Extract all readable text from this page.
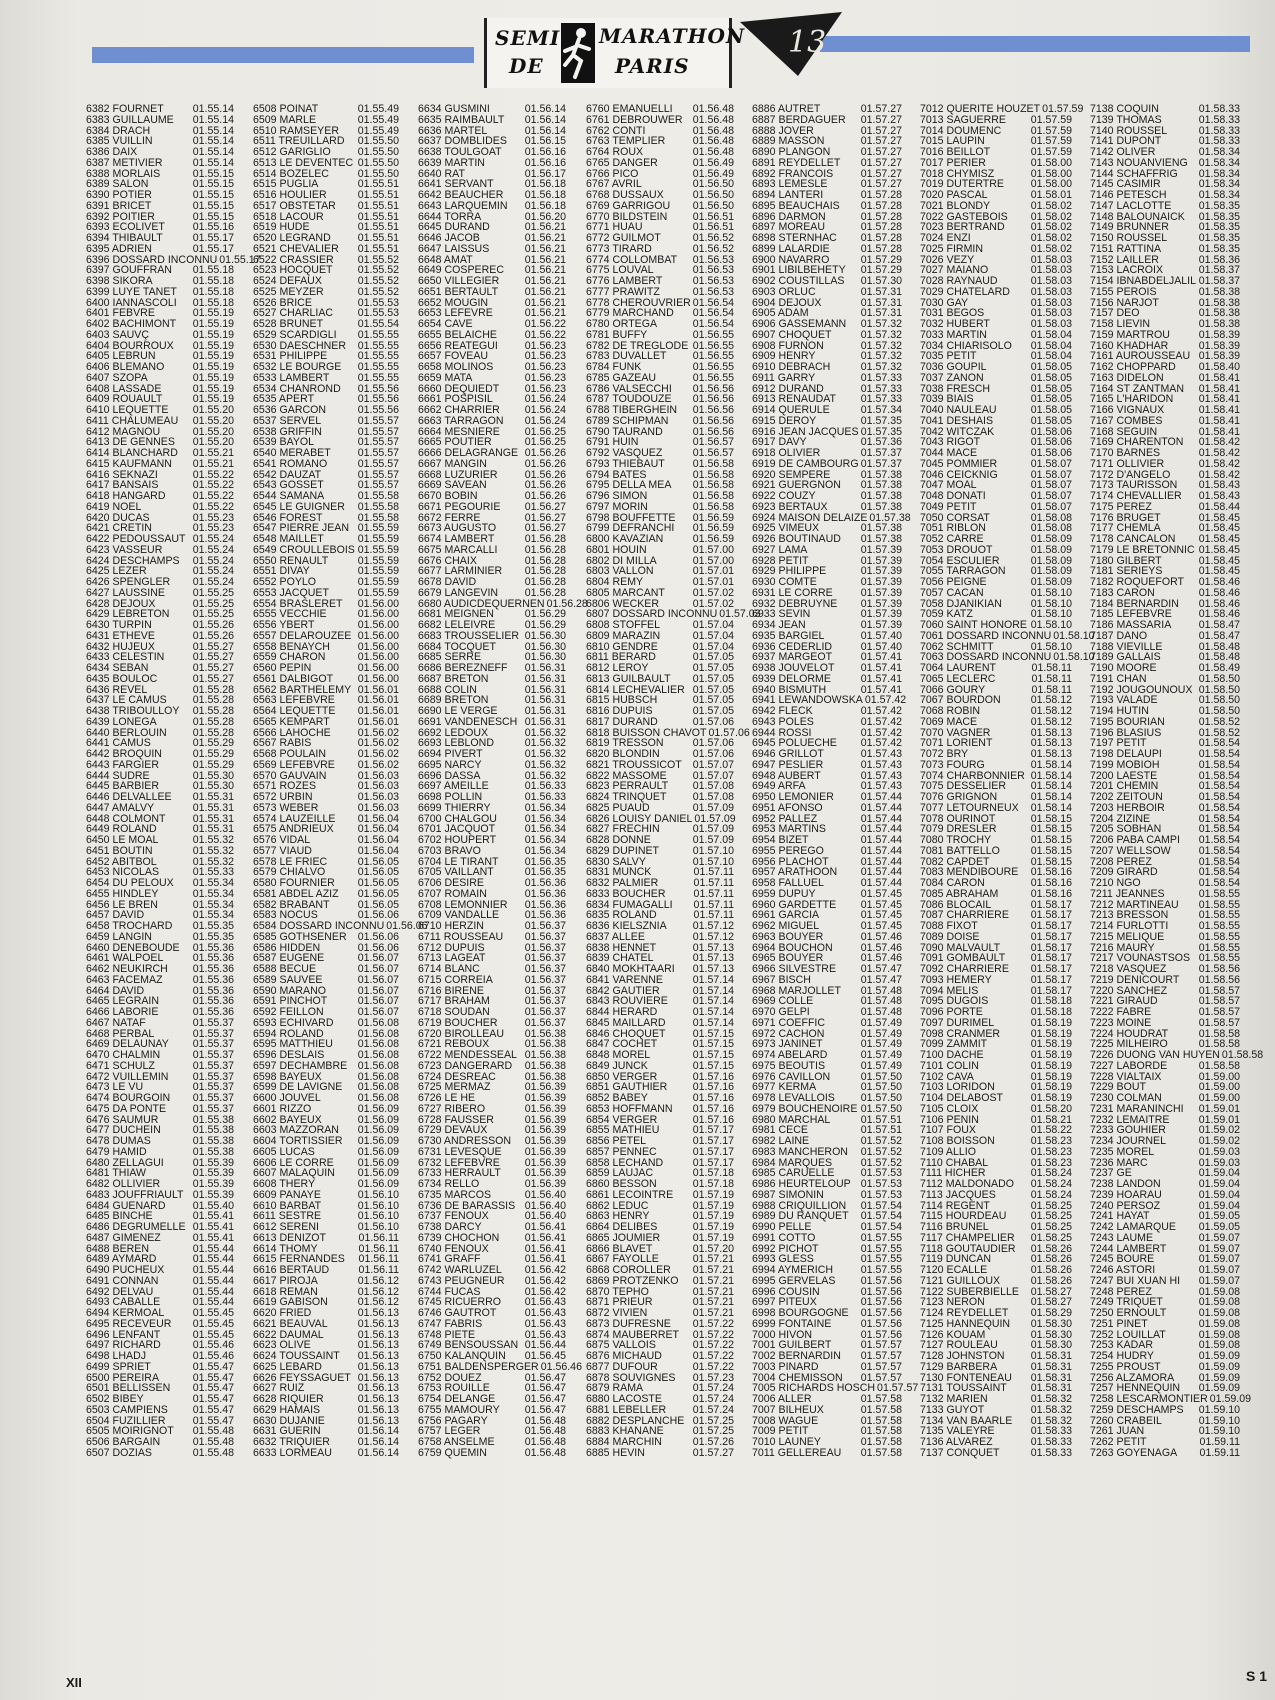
SEMI
DE
MARATHON
PARIS
13
6382 FOURNET	01.55.14
6383 GUILLAUME 01.55.14
6384 DRACH	01.55.14
6385 VUILLIN	01.55.14
6386 DAIX	01.55.14
6387 METIVIER	01.55.14
6388 MORLAIS	01.55.15
6389 SALON	01.55.15
6390 POTIER	01.55.15
6391 BRICET	01.55.15
6392 POITIER	01.55.15
6393 ECOLIVET	01.55.16
6394 THIBAULT	01.55.17
6395 ADRIEN	01.55.17
6396 DOSSARD INCONNU 01.55.17
6397 GOUFFRAN 01.55.18
6398 SIKORA	01.55.18
6399 LUYE TANET 01.55.18
6400 IANNASCOLI 01.55.18
6401 FEBVRE	01.55.19
6402 BACHIMONT 01.55.19
6403 SAUVÇ	01.55.19
6404 BOURROUX 01.55.19
6405 LEBRUN	01.55.19
6406 BLEMANO	01.55.19
6407 SZOPA	01.55.19
6408 LASSADE	01.55.19
6409 ROUAULT	01.55.19
6410 LEQUETTE 01.55.20
6411 CHALUMEAU 01.55.20
6412 MAGNOU	01.55.20
6413 DE GENNES 01.55.20
6414 BLANCHARD 01.55.21
6415 KAUFMANN 01.55.21
6416 SEKNAZI	01.55.22
6417 BANSAIS	01.55.22
6418 HANGARD	01.55.22
6419 NOEL	01.55.22
6420 DUCAS	01.55.23
6421 CRETIN	01.55.23
6422 PEDOUSSAUT 01.55.24
6423 VASSEUR	01.55.24
6424 DESCHAMPS 01.55.24
6425 LEZER	01.55.24
6426 SPENGLER 01.55.24
6427 LAUSSINE	01.55.25
6428 DEJOUX	01.55.25
6429 LEBRETON 01.55.25
6430 TURPIN	01.55.26
6431 ETHEVE	01.55.26
6432 HUJEUX	01.55.27
6433 CELESTIN	01.55.27
6434 SEBAN	01.55.27
6435 BOULOC	01.55.27
6436 REVEL	01.55.28
6437 LE CAMUS 01.55.28
6438 TRIBOULLOY 01.55.28
6439 LONEGA	01.55.28
6440 BERLOUIN 01.55.28
6441 CAMUS	01.55.29
6442 BROQUIN	01.55.29
6443 FARGIER	01.55.29
6444 SUDRE	01.55.30
6445 BARBIER	01.55.30
6446 DELVALLEE 01.55.31
6447 AMALVY	01.55.31
6448 COLMONT	01.55.31
6449 ROLAND	01.55.31
6450 LE MOAL	01.55.32
6451 BOUTIN	01.55.32
6452 ABITBOL	01.55.32
6453 NICOLAS	01.55.33
6454 DU PELOUX 01.55.34
6455 HINDLEY	01.55.34
6456 LE BREN	01.55.34
6457 DAVID	01.55.34
6458 TROCHARD 01.55.35
6459 LANGIN	01.55.35
6460 DENEBOUDE 01.55.36
6461 WALPOEL	01.55.36
6462 NEUKIRCH 01.55.36
6463 FACEMAZ	01.55.36
6464 DAVID	01.55.36
6465 LEGRAIN	01.55.36
6466 LABORIE	01.55.36
6467 NATAF	01.55.37
6468 PERBAL	01.55.37
6469 DELAUNAY 01.55.37
6470 CHALMIN	01.55.37
6471 SCHULZ	01.55.37
6472 VUILLEMIN 01.55.37
6473 LE VU	01.55.37
6474 BOURGOIN 01.55.37
6475 DA PONTE	01.55.37
6476 SAUMUR	01.55.38
6477 DUCHEIN	01.55.38
6478 DUMAS	01.55.38
6479 HAMID	01.55.38
6480 ZELLAGUI	01.55.39
6481 THIAW	01.55.39
6482 OLLIVIER	01.55.39
6483 JOUFFRIAULT 01.55.39
6484 GUENARD	01.55.40
6485 BINCHE	01.55.41
6486 DEGRUMELLE 01.55.41
6487 GIMENEZ	01.55.41
6488 BEREN	01.55.44
6489 AYMARD	01.55.44
6490 PUCHEUX	01.55.44
6491 CONNAN	01.55.44
6492 DELVAU	01.55.44
6493 CABALLE	01.55.44
6494 KERMOAL	01.55.45
6495 RECEVEUR 01.55.45
6496 LENFANT	01.55.45
6497 RICHARD	01.55.46
6498 LHADJ	01.55.46
6499 SPRIET	01.55.47
6500 PEREIRA	01.55.47
6501 BELLISSEN 01.55.47
6502 BIBEY	01.55.47
6503 CAMPIENS 01.55.47
6504 FUZILLIER	01.55.47
6505 MOIRIGNOT 01.55.48
6506 BARGAIN	01.55.48
6507 DOZIAS	01.55.48
6508 POINAT	01.55.49
6509 MARLE	01.55.49
6510 RAMSEYER 01.55.49
6511 TREUILLARD 01.55.50
6512 GARIGLIO	01.55.50
6513 LE DEVENTEC 01.55.50
6514 BOZELEC	01.55.50
6515 PUGLIA	01.55.51
6516 HOULIER	01.55.51
6517 OBSTETAR 01.55.51
6518 LACOUR	01.55.51
6519 HUDE	01.55.51
6520 LEGRAND	01.55.51
6521 CHEVALIER 01.55.51
6522 CRASSIER 01.55.52
6523 HOCQUET 01.55.52
6524 DEFAUX	01.55.52
6525 MEYZER	01.55.52
6526 BRICE	01.55.53
6527 CHARLIAC 01.55.53
6528 BRUNET	01.55.54
6529 SCARDIGLI 01.55.55
6530 DAESCHNER 01.55.55
6531 PHILIPPE	01.55.55
6532 LE BOURGE 01.55.55
6533 LAMBERT	01.55.55
6534 CHANROND 01.55.56
6535 APERT	01.55.56
6536 GARCON	01.55.56
6537 SERVEL	01.55.57
6538 GRIFFIN	01.55.57
6539 BAYOL	01.55.57
6540 MERABET	01.55.57
6541 ROMANO	01.55.57
6542 DAUZAT	01.55.57
6543 GOSSET	01.55.57
6544 SAMANA	01.55.58
6545 LE GUIGNER 01.55.58
6546 FOREST	01.55.58
6547 PIERRE JEAN 01.55.59
6548 MAILLET	01.55.59
6549 CROULLEBOIS 01.55.59
6550 RENAULT	01.55.59
6551 DIVAY	01.55.59
6552 POYLO	01.55.59
6553 JACQUET	01.55.59
6554 BRASLERET 01.56.00
6555 VECCHIE	01.56.00
6556 YBERT	01.56.00
6557 DELAROUZEE 01.56.00
6558 BENAYCH	01.56.00
6559 CHARON	01.56.00
6560 PEPIN	01.56.00
6561 DALBIGOT 01.56.00
6562 BARTHELEMY 01.56.01
6563 LEFEBVRE 01.56.01
6564 LEQUETTE 01.56.01
6565 KEMPART	01.56.01
6566 LAHOCHE	01.56.02
6567 RABIS	01.56.02
6568 POULAIN	01.56.02
6569 LEFEBVRE 01.56.02
6570 GAUVAIN	01.56.03
6571 ROZES	01.56.03
6572 URBIN	01.56.03
6573 WEBER	01.56.03
6574 LAUZEILLE 01.56.04
6575 ANDRIEUX 01.56.04
6576 VIDAL	01.56.04
6577 VIAUD	01.56.04
6578 LE FRIEC	01.56.05
6579 CHIALVO	01.56.05
6580 FOURNIER 01.56.05
6581 ABDEL AZIZ 01.56.05
6582 BRABANT	01.56.05
6583 NOCUS	01.56.06
6584 DOSSARD INCONNU 01.56.06
6585 GOTHSENER 01.56.06
6586 HIDDEN	01.56.06
6587 EUGENE	01.56.07
6588 BECUE	01.56.07
6589 SAUVEE	01.56.07
6590 MARANO	01.56.07
6591 PINCHOT	01.56.07
6592 FEILLON	01.56.07
6593 ECHIVARD 01.56.08
6594 ROLAND	01.56.08
6595 MATTHIEU 01.56.08
6596 DESLAIS	01.56.08
6597 DECHAMBRE 01.56.08
6598 BAYEUX	01.56.08
6599 DE LAVIGNE 01.56.08
6600 JOUVEL	01.56.08
6601 RIZZO	01.56.09
6602 BAYEUX	01.56.09
6603 MAZZORAN 01.56.09
6604 TORTISSIER 01.56.09
6605 LUCAS	01.56.09
6606 LE CORRE 01.56.09
6607 MALAQUIN 01.56.09
6608 THERY	01.56.09
6609 PANAYE	01.56.10
6610 BARBAT	01.56.10
6611 SESTRE	01.56.10
6612 SERENI	01.56.10
6613 DENIZOT	01.56.11
6614 THOMY	01.56.11
6615 FERNANDES 01.56.11
6616 BERTAUD	01.56.11
6617 PIROJA	01.56.12
6618 REMAN	01.56.12
6619 GABISON	01.56.12
6620 FRIED	01.56.13
6621 BEAUVAL	01.56.13
6622 DAUMAL	01.56.13
6623 OLIVE	01.56.13
6624 TOUSSAINT 01.56.13
6625 LEBARD	01.56.13
6626 FEYSSAGUET 01.56.13
6627 RUIZ	01.56.13
6628 RIQUIER	01.56.13
6629 HAMAIS	01.56.13
6630 DUJANIE	01.56.13
6631 GUERIN	01.56.14
6632 TRIQUIER	01.56.14
6633 LORMEAU 01.56.14
6634 GUSMINI	01.56.14
6635 RAIMBAULT 01.56.14
6636 MARTEL	01.56.14
6637 DOMBLIDES 01.56.15
6638 TOULGOAT 01.56.16
6639 MARTIN	01.56.16
6640 RAT	01.56.17
6641 SERVANT	01.56.18
6642 BEAUCHER 01.56.18
6643 LARQUEMIN 01.56.18
6644 TORRA	01.56.20
6645 DURAND	01.56.21
6646 JACOB	01.56.21
6647 LAISSUS	01.56.21
6648 AMAT	01.56.21
6649 COSPEREC 01.56.21
6650 VILLEGIER 01.56.21
6651 BERTAULT	01.56.21
6652 MOUGIN	01.56.21
6653 LEFEVRE	01.56.21
6654 CAVE	01.56.22
6655 BELAICHE	01.56.22
6656 REATEGUI	01.56.23
6657 FOVEAU	01.56.23
6658 MOLINOS	01.56.23
6659 MATA	01.56.23
6660 DEQUIEDT 01.56.23
6661 POSPISIL	01.56.24
6662 CHARRIER 01.56.24
6663 TARRAGON 01.56.24
6664 MESNIERE 01.56.25
6665 POUTIER	01.56.25
6666 DELAGRANGE 01.56.26
6667 MANGIN	01.56.26
6668 LUZURIER	01.56.26
6669 SAVEAN	01.56.26
6670 BOBIN	01.56.26
6671 PEGOURIE 01.56.27
6672 FERRE	01.56.27
6673 AUGUSTO	01.56.27
6674 LAMBERT	01.56.28
6675 MARCALLI	01.56.28
6676 CHAIX	01.56.28
6677 LARMINIER 01.56.28
6678 DAVID	01.56.28
6679 LANGEVIN	01.56.28
6680 AUDICDEQUERNEN 01.56.28
6681 MEIGNEN	01.56.29
6682 LELEIVRE	01.56.29
6683 TROUSSELIER 01.56.30
6684 TOCQUET	01.56.30
6685 SERRE	01.56.30
6686 BEREZNEFF 01.56.31
6687 BRETON	01.56.31
6688 COLIN	01.56.31
6689 BRETON	01.56.31
6690 LE VERGE	01.56.31
6691 VANDENESCH 01.56.31
6692 LEDOUX	01.56.32
6693 LEBLOND	01.56.32
6694 PIVERT	01.56.32
6695 NARCY	01.56.32
6696 DASSA	01.56.32
6697 AMEILLE	01.56.33
6698 POLLIN	01.56.33
6699 THIERRY	01.56.34
6700 CHALGOU	01.56.34
6701 JACQUOT	01.56.34
6702 HOUPERT	01.56.34
6703 BRAVO	01.56.34
6704 LE TIRANT 01.56.35
6705 VAILLANT	01.56.35
6706 DESIRE	01.56.36
6707 ROMAIN	01.56.36
6708 LEMONNIER 01.56.36
6709 VANDALLE 01.56.36
6710 HERZIN	01.56.37
6711 ROUSSEAU 01.56.37
6712 DUPUIS	01.56.37
6713 LAGEAT	01.56.37
6714 BLANC	01.56.37
6715 CORREIA	01.56.37
6716 BIRENE	01.56.37
6717 BRAHAM	01.56.37
6718 SOUDAN	01.56.37
6719 BOUCHER	01.56.37
6720 BIROLLEAU 01.56.38
6721 REBOUX	01.56.38
6722 MENDESSEAL 01.56.38
6723 DANGERARD 01.56.38
6724 DESREAC	01.56.38
6725 MERMAZ	01.56.39
6726 LE HE	01.56.39
6727 RIBERO	01.56.39
6728 FAUSSER	01.56.39
6729 DEVAUX	01.56.39
6730 ANDRESSON 01.56.39
6731 LEVESQUE 01.56.39
6732 LEFEBVRE 01.56.39
6733 HERRAULT 01.56.39
6734 RELLO	01.56.39
6735 MARCOS	01.56.40
6736 DE BARASSIS 01.56.40
6737 FENOUX	01.56.40
6738 DARCY	01.56.41
6739 CHOCHON 01.56.41
6740 FENOUX	01.56.41
6741 GRAFF	01.56.41
6742 WARLUZEL 01.56.42
6743 PEUGNEUR 01.56.42
6744 FUCAS	01.56.42
6745 RICUERRO 01.56.43
6746 GAUTROT	01.56.43
6747 FABRIS	01.56.43
6748 PIETE	01.56.43
6749 BENSOUSSAN 01.56.44
6750 KALANQUIN 01.56.45
6751 BALDENSPERGER 01.56.46
6752 DOUEZ	01.56.47
6753 ROUILLE	01.56.47
6754 DELANGE	01.56.47
6755 MAMOURY 01.56.47
6756 PAGARY	01.56.48
6757 LEGER	01.56.48
6758 ANSELME	01.56.48
6759 QUEMIN	01.56.48
6760 EMANUELLI 01.56.48
6761 DEBROUWER 01.56.48
6762 CONTI	01.56.48
6763 TEMPLIER	01.56.48
6764 ROUX	01.56.48
6765 DANGER	01.56.49
6766 PICO	01.56.49
6767 AVRIL	01.56.50
6768 DUSSAUX	01.56.50
6769 GARRIGOU 01.56.50
6770 BILDSTEIN 01.56.51
6771 HUAU	01.56.51
6772 GUILMOT	01.56.52
6773 TIRARD	01.56.52
6774 COLLOMBAT 01.56.53
6775 LOUVAL	01.56.53
6776 LAMBERT	01.56.53
6777 PRAWITZ	01.56.53
6778 CHEROUVRIER 01.56.54
6779 MARCHAND 01.56.54
6780 ORTEGA	01.56.54
6781 BUFFY	01.56.55
6782 DE TREGLODE 01.56.55
6783 DUVALLET 01.56.55
6784 FUNK	01.56.55
6785 GAZEAU	01.56.55
6786 VALSECCHI 01.56.56
6787 TOUDOUZE 01.56.56
6788 TIBERGHEIN 01.56.56
6789 SCHIPMAN 01.56.56
6790 TAURAND	01.56.56
6791 HUIN	01.56.57
6792 VASQUEZ	01.56.57
6793 THIEBAUT	01.56.58
6794 BATES	01.56.58
6795 DELLA MEA 01.56.58
6796 SIMON	01.56.58
6797 MORIN	01.56.58
6798 BOUFFETTE 01.56.59
6799 DEFRANCHI 01.56.59
6800 KAVAZIAN	01.56.59
6801 HOUIN	01.57.00
6802 DI MILLA	01.57.00
6803 VALLON	01.57.01
6804 REMY	01.57.01
6805 MARCANT	01.57.02
6806 WECKER	01.57.02
6807 DOSSARD INCONNU 01.57.03
6808 STOFFEL	01.57.04
6809 MARAZIN	01.57.04
6810 GENDRE	01.57.04
6811 BERARD	01.57.05
6812 LEROY	01.57.05
6813 GUILBAULT 01.57.05
6814 LECHEVALIER 01.57.05
6815 HUBSCH	01.57.05
6816 DUPUIS	01.57.05
6817 DURAND	01.57.06
6818 BUISSON CHAVOT 01.57.06
6819 TRESSON	01.57.06
6820 BLONDIN	01.57.06
6821 TROUSSICOT 01.57.07
6822 MASSOME 01.57.07
6823 PERRAULT 01.57.08
6824 TRINQUET 01.57.08
6825 PUAUD	01.57.09
6826 LOUISY DANIEL 01.57.09
6827 FRECHIN	01.57.09
6828 DONNE	01.57.09
6829 DUPINET	01.57.10
6830 SALVY	01.57.10
6831 MUNCK	01.57.11
6832 PALMIER	01.57.11
6833 BOUCHER	01.57.11
6834 FUMAGALLI 01.57.11
6835 ROLAND	01.57.11
6836 KIELSZNIA 01.57.12
6837 ALLEE	01.57.12
6838 HENNET	01.57.13
6839 CHATEL	01.57.13
6840 MOKHTAARI 01.57.13
6841 VARENNE	01.57.14
6842 GAUTIER	01.57.14
6843 ROUVIERE 01.57.14
6844 HERARD	01.57.14
6845 MAILLARD	01.57.14
6846 CHOQUET	01.57.15
6847 COCHET	01.57.15
6848 MOREL	01.57.15
6849 JUNCK	01.57.15
6850 VERGER	01.57.16
6851 GAUTHIER 01.57.16
6852 BABEY	01.57.16
6853 HOFFMANN 01.57.16
6854 VERGER	01.57.16
6855 MATHIEU	01.57.17
6856 PETEL	01.57.17
6857 PENNEC	01.57.17
6858 LECHAND	01.57.17
6859 LAUJAC	01.57.18
6860 BESSON	01.57.18
6861 LECOINTRE 01.57.19
6862 LEDUC	01.57.19
6863 HENRY	01.57.19
6864 DELIBES	01.57.19
6865 JOUMIER	01.57.19
6866 BLAVET	01.57.20
6867 FAYOLLE	01.57.21
6868 COROLLER 01.57.21
6869 PROTZENKO 01.57.21
6870 TEPHO	01.57.21
6871 PRIEUR	01.57.21
6872 VIVIEN	01.57.21
6873 DUFRESNE 01.57.22
6874 MAUBERRET 01.57.22
6875 VALLOIS	01.57.22
6876 MICHAUD	01.57.22
6877 DUFOUR	01.57.22
6878 SOUVIGNES 01.57.23
6879 RAMA	01.57.24
6880 LACOSTE	01.57.24
6881 LEBELLER	01.57.24
6882 DESPLANCHE 01.57.25
6883 KHANANE	01.57.25
6884 MARCHIN	01.57.26
6885 HEVIN	01.57.27
6886 AUTRET	01.57.27
6887 BERDAGUER 01.57.27
6888 JOVER	01.57.27
6889 MASSON	01.57.27
6890 PLANGON	01.57.27
6891 REYDELLET 01.57.27
6892 FRANCOIS	01.57.27
6893 LEMESLE	01.57.27
6894 LANTERI	01.57.28
6895 BEAUCHAIS 01.57.28
6896 DARMON	01.57.28
6897 MOREAU	01.57.28
6898 STERNHAC 01.57.28
6899 LALARDIE	01.57.28
6900 NAVARRO	01.57.29
6901 LIBILBEHETY 01.57.29
6902 COUSTILLAS 01.57.30
6903 ORLUC	01.57.31
6904 DEJOUX	01.57.31
6905 ADAM	01.57.31
6906 GASSEMANN 01.57.32
6907 CHOQUET	01.57.32
6908 FURNON	01.57.32
6909 HENRY	01.57.32
6910 DEBRACH	01.57.32
6911 GARRY	01.57.33
6912 DURAND	01.57.33
6913 RENAUDAT 01.57.33
6914 QUERULE	01.57.34
6915 DEROY	01.57.35
6916 JEAN JACQUES 01.57.35
6917 DAVY	01.57.36
6918 OLIVIER	01.57.37
6919 DE CAMBOURG 01.57.37
6920 SEMPERE	01.57.38
6921 GUERGNON 01.57.38
6922 COUZY	01.57.38
6923 BERTAUX	01.57.38
6924 MAISON DELAIZE 01.57.38
6925 VIMEUX	01.57.38
6926 BOUTINAUD 01.57.38
6927 LAMA	01.57.39
6928 PETIT	01.57.39
6929 PHILIPPE	01.57.39
6930 COMTE	01.57.39
6931 LE CORRE	01.57.39
6932 DEBRUYNE 01.57.39
6933 SEVIN	01.57.39
6934 JEAN	01.57.39
6935 BARGIEL	01.57.40
6936 CEDERLID	01.57.40
6937 MARGEOT	01.57.41
6938 JOUVELOT 01.57.41
6939 DELORME	01.57.41
6940 BISMUTH	01.57.41
6941 LEWANDOWSKA 01.57.42
6942 FLECK	01.57.42
6943 POLES	01.57.42
6944 ROSSI	01.57.42
6945 POLUECHE 01.57.42
6946 GRILLOT	01.57.43
6947 PESLIER	01.57.43
6948 AUBERT	01.57.43
6949 ARFA	01.57.43
6950 LEMONIER	01.57.44
6951 AFONSO	01.57.44
6952 PALLEZ	01.57.44
6953 MARTINS	01.57.44
6954 BIZET	01.57.44
6955 PEREGO	01.57.44
6956 PLACHOT	01.57.44
6957 ARATHOON 01.57.44
6958 FALLUEL	01.57.44
6959 DUPUY	01.57.45
6960 GARDETTE 01.57.45
6961 GARCIA	01.57.45
6962 MIGUEL	01.57.45
6963 BOUYER	01.57.46
6964 BOUCHON	01.57.46
6965 BOUYER	01.57.46
6966 SILVESTRE 01.57.47
6967 BISCH	01.57.47
6968 MARJOLLET 01.57.48
6969 COLLE	01.57.48
6970 GELPI	01.57.48
6971 COEFFIC	01.57.49
6972 CACHON	01.57.49
6973 JANINET	01.57.49
6974 ABELARD	01.57.49
6975 BEOUTIS	01.57.49
6976 CAVILLON	01.57.50
6977 KERMA	01.57.50
6978 LEVALLOIS 01.57.50
6979 BOUCHENOIRE 01.57.50
6980 MARCHAL	01.57.51
6981 CECE	01.57.51
6982 LAINE	01.57.52
6983 MANCHERON 01.57.52
6984 MARQUES	01.57.52
6985 CARUELLE 01.57.53
6986 HEURTELOUP 01.57.53
6987 SIMONIN	01.57.53
6988 CRIQUILLION 01.57.54
6989 DU RANQUET 01.57.54
6990 PELLE	01.57.54
6991 COTTO	01.57.55
6992 PICHOT	01.57.55
6993 GLESS	01.57.55
6994 AYMERICH	01.57.55
6995 GERVELAS 01.57.56
6996 COUSIN	01.57.56
6997 PITEUX	01.57.56
6998 BOURGOGNE 01.57.56
6999 FONTAINE	01.57.56
7000 HIVON	01.57.56
7001 GUILBERT	01.57.57
7002 BERNARDIN 01.57.57
7003 PINARD	01.57.57
7004 CHEMISSON 01.57.57
7005 RICHARDS HOSCH 01.57.57
7006 ALLER	01.57.58
7007 BILHEUX	01.57.58
7008 WAGUE	01.57.58
7009 PETIT	01.57.58
7010 LAUNEY	01.57.58
7011 GELLEREAU 01.57.58
7012 QUERITE HOUZET 01.57.59
7013 SAGUERRE 01.57.59
7014 DOUMENC	01.57.59
7015 LAUPIN	01.57.59
7016 BEILLOT	01.57.59
7017 PERIER	01.58.00
7018 CHYMISZ	01.58.00
7019 DUTERTRE	01.58.00
7020 PASCAL	01.58.01
7021 BLONDY	01.58.02
7022 GASTEBOIS 01.58.02
7023 BERTRAND 01.58.02
7024 ENZI	01.58.02
7025 FIRMIN	01.58.02
7026 VEZY	01.58.03
7027 MAIANO	01.58.03
7028 RAYNAUD	01.58.03
7029 CHATELARD 01.58.03
7030 GAY	01.58.03
7031 BEGOS	01.58.03
7032 HUBERT	01.58.03
7033 MARTIN	01.58.04
7034 CHIARISOLO 01.58.04
7035 PETIT	01.58.04
7036 GOUPIL	01.58.05
7037 ZANON	01.58.05
7038 FRESCH	01.58.05
7039 BIAIS	01.58.05
7040 NAULEAU	01.58.05
7041 DESHAIS	01.58.05
7042 WITCZAK	01.58.06
7043 RIGOT	01.58.06
7044 MACE	01.58.06
7045 POMMIER	01.58.07
7046 CEICKNIG	01.58.07
7047 MOAL	01.58.07
7048 DONATI	01.58.07
7049 PETIT	01.58.07
7050 CORSAT	01.58.08
7051 RIBLON	01.58.08
7052 CARRE	01.58.09
7053 DROUOT	01.58.09
7054 ESCULIER	01.58.09
7055 TARRAGON 01.58.09
7056 PEIGNE	01.58.09
7057 CACAN	01.58.10
7058 DJANIKIAN	01.58.10
7059 KATZ	01.58.10
7060 SAINT HONORE 01.58.10
7061 DOSSARD INCONNU 01.58.10
7062 SCHMITT	01.58.10
7063 DOSSARD INCONNU 01.58.10
7064 LAURENT	01.58.11
7065 LECLERC	01.58.11
7066 GOURY	01.58.11
7067 BOURDON	01.58.12
7068 ROBIN	01.58.12
7069 MACE	01.58.12
7070 VAGNER	01.58.13
7071 LORIENT	01.58.13
7072 BRY	01.58.13
7073 FOURG	01.58.14
7074 CHARBONNIER 01.58.14
7075 DESSELIER 01.58.14
7076 GRIGNON	01.58.14
7077 LETOURNEUX 01.58.14
7078 OURINOT	01.58.15
7079 DRESLER	01.58.15
7080 TROCHY	01.58.15
7081 BATTELLO	01.58.15
7082 CAPDET	01.58.15
7083 MENDIBOURE 01.58.16
7084 CARON	01.58.16
7085 ABRAHAM	01.58.16
7086 BLOCAIL	01.58.17
7087 CHARRIERE 01.58.17
7088 FIXOT	01.58.17
7089 DOISE	01.58.17
7090 MALVAULT	01.58.17
7091 GOMBAULT 01.58.17
7092 CHARRIERE 01.58.17
7093 HEMERY	01.58.17
7094 MELIS	01.58.17
7095 DUGOIS	01.58.18
7096 PORTE	01.58.18
7097 DURIMEL	01.58.19
7098 CRANMER	01.58.19
7099 ZAMMIT	01.58.19
7100 DACHE	01.58.19
7101 COLIN	01.58.19
7102 CAVA	01.58.19
7103 LORIDON	01.58.19
7104 DELABOST	01.58.19
7105 CLOIX	01.58.20
7106 PENIN	01.58.21
7107 FOUX	01.58.22
7108 BOISSON	01.58.23
7109 ALLIO	01.58.23
7110 CHABAL	01.58.23
7111 HICHER	01.58.24
7112 MALDONADO 01.58.24
7113 JACQUES	01.58.24
7114 REGENT	01.58.25
7115 HOURDEAU 01.58.25
7116 BRUNEL	01.58.25
7117 CHAMPELIER 01.58.25
7118 GOUTAUDIER 01.58.26
7119 DUNCAN	01.58.26
7120 ECALLE	01.58.26
7121 GUILLOUX	01.58.26
7122 SUBERBIELLE 01.58.27
7123 NERON	01.58.27
7124 REYDELLET 01.58.29
7125 HANNEQUIN 01.58.30
7126 KOUAM	01.58.30
7127 ROULEAU	01.58.30
7128 JOHNSTON 01.58.31
7129 BARBERA	01.58.31
7130 FONTENEAU 01.58.31
7131 TOUSSAINT 01.58.31
7132 MARIEN	01.58.32
7133 GUYOT	01.58.32
7134 VAN BAARLE 01.58.32
7135 VALEYRE	01.58.33
7136 ALVAREZ	01.58.33
7137 CONQUET	01.58.33
7138 COQUIN	01.58.33
7139 THOMAS	01.58.33
7140 ROUSSEL	01.58.33
7141 DUPONT	01.58.33
7142 OLIVER	01.58.34
7143 NOUANVIENG 01.58.34
7144 SCHAFFRIG 01.58.34
7145 CASIMIR	01.58.34
7146 PETESCH	01.58.34
7147 LACLOTTE	01.58.35
7148 BALOUNAICK 01.58.35
7149 BRUNNER	01.58.35
7150 ROUSSEL	01.58.35
7151 RATTINA	01.58.35
7152 LAILLER	01.58.36
7153 LACROIX	01.58.37
7154 IBNABDELJALIL 01.58.37
7155 PEROIS	01.58.38
7156 NARJOT	01.58.38
7157 DEO	01.58.38
7158 LIEVIN	01.58.38
7159 MARTROU	01.58.39
7160 KHADHAR	01.58.39
7161 AUROUSSEAU 01.58.39
7162 CHOPPARD 01.58.40
7163 DIDELON	01.58.41
7164 ST ZANTMAN 01.58.41
7165 L'HARIDON 01.58.41
7166 VIGNAUX	01.58.41
7167 COMBES	01.58.41
7168 SEGUIN	01.58.41
7169 CHARENTON 01.58.42
7170 BARNES	01.58.42
7171 OLLIVIER	01.58.42
7172 D'ANGELO	01.58.42
7173 TAURISSON 01.58.43
7174 CHEVALLIER 01.58.43
7175 PEREZ	01.58.44
7176 BRUGET	01.58.45
7177 CHEMLA	01.58.45
7178 CANCALON 01.58.45
7179 LE BRETONNIC 01.58.45
7180 GILBERT	01.58.45
7181 SERIEYS	01.58.45
7182 ROQUEFORT 01.58.46
7183 CARON	01.58.46
7184 BERNARDIN 01.58.46
7185 LEFEBVRE	01.58.46
7186 MASSARIA	01.58.47
7187 DANO	01.58.47
7188 VIEVILLE	01.58.48
7189 GALLAIS	01.58.48
7190 MOORE	01.58.49
7191 CHAN	01.58.50
7192 JOUGOUNOUX 01.58.50
7193 VALADE	01.58.50
7194 HUTIN	01.58.50
7195 BOURIAN	01.58.52
7196 BLASIUS	01.58.52
7197 PETIT	01.58.54
7198 DELAUPI	01.58.54
7199 MOBIOH	01.58.54
7200 LAESTE	01.58.54
7201 CHEMIN	01.58.54
7202 ZEITOUN	01.58.54
7203 HERBOIR	01.58.54
7204 ZIZINE	01.58.54
7205 SOBHAN	01.58.54
7206 PABA CAMPI 01.58.54
7207 WELLSOW	01.58.54
7208 PEREZ	01.58.54
7209 GIRARD	01.58.54
7210 NGO	01.58.54
7211 JEANNES	01.58.55
7212 MARTINEAU 01.58.55
7213 BRESSON	01.58.55
7214 FURLOTTI	01.58.55
7215 MELIQUE	01.58.55
7216 MAURY	01.58.55
7217 VOUNASTSOS 01.58.55
7218 VASQUEZ	01.58.56
7219 DENICOURT 01.58.56
7220 SANCHEZ	01.58.57
7221 GIRAUD	01.58.57
7222 FABRE	01.58.57
7223 MOINE	01.58.57
7224 HOUDRAT	01.58.58
7225 MILHEIRO	01.58.58
7226 DUONG VAN HUYEN 01.58.58
7227 LABORDE	01.58.58
7228 VIALTAIX	01.59.00
7229 BOUT	01.59.00
7230 COLMAN	01.59.00
7231 MARANINCHI 01.59.01
7232 LEMAITRE	01.59.01
7233 GOUHIER	01.59.02
7234 JOURNEL	01.59.02
7235 MOREL	01.59.03
7236 MARC	01.59.03
7237 GE	01.59.04
7238 LANDON	01.59.04
7239 HOARAU	01.59.04
7240 PERSOZ	01.59.04
7241 HAYAT	01.59.05
7242 LAMARQUE 01.59.05
7243 LAUME	01.59.07
7244 LAMBERT	01.59.07
7245 BOURE	01.59.07
7246 ASTORI	01.59.07
7247 BUI XUAN HI 01.59.07
7248 PEREZ	01.59.08
7249 TRIQUET	01.59.08
7250 ERNOULT	01.59.08
7251 PINET	01.59.08
7252 LOUILLAT	01.59.08
7253 KADAR	01.59.08
7254 HUDRY	01.59.09
7255 PROUST	01.59.09
7256 ALZAMORA 01.59.09
7257 HENNEQUIN 01.59.09
7258 LESCARMONTIER 01.59.09
7259 DESCHAMPS 01.59.10
7260 CRABEIL	01.59.10
7261 JUAN	01.59.10
7262 PETIT	01.59.11
7263 GOYENAGA 01.59.11
XII	S 1
